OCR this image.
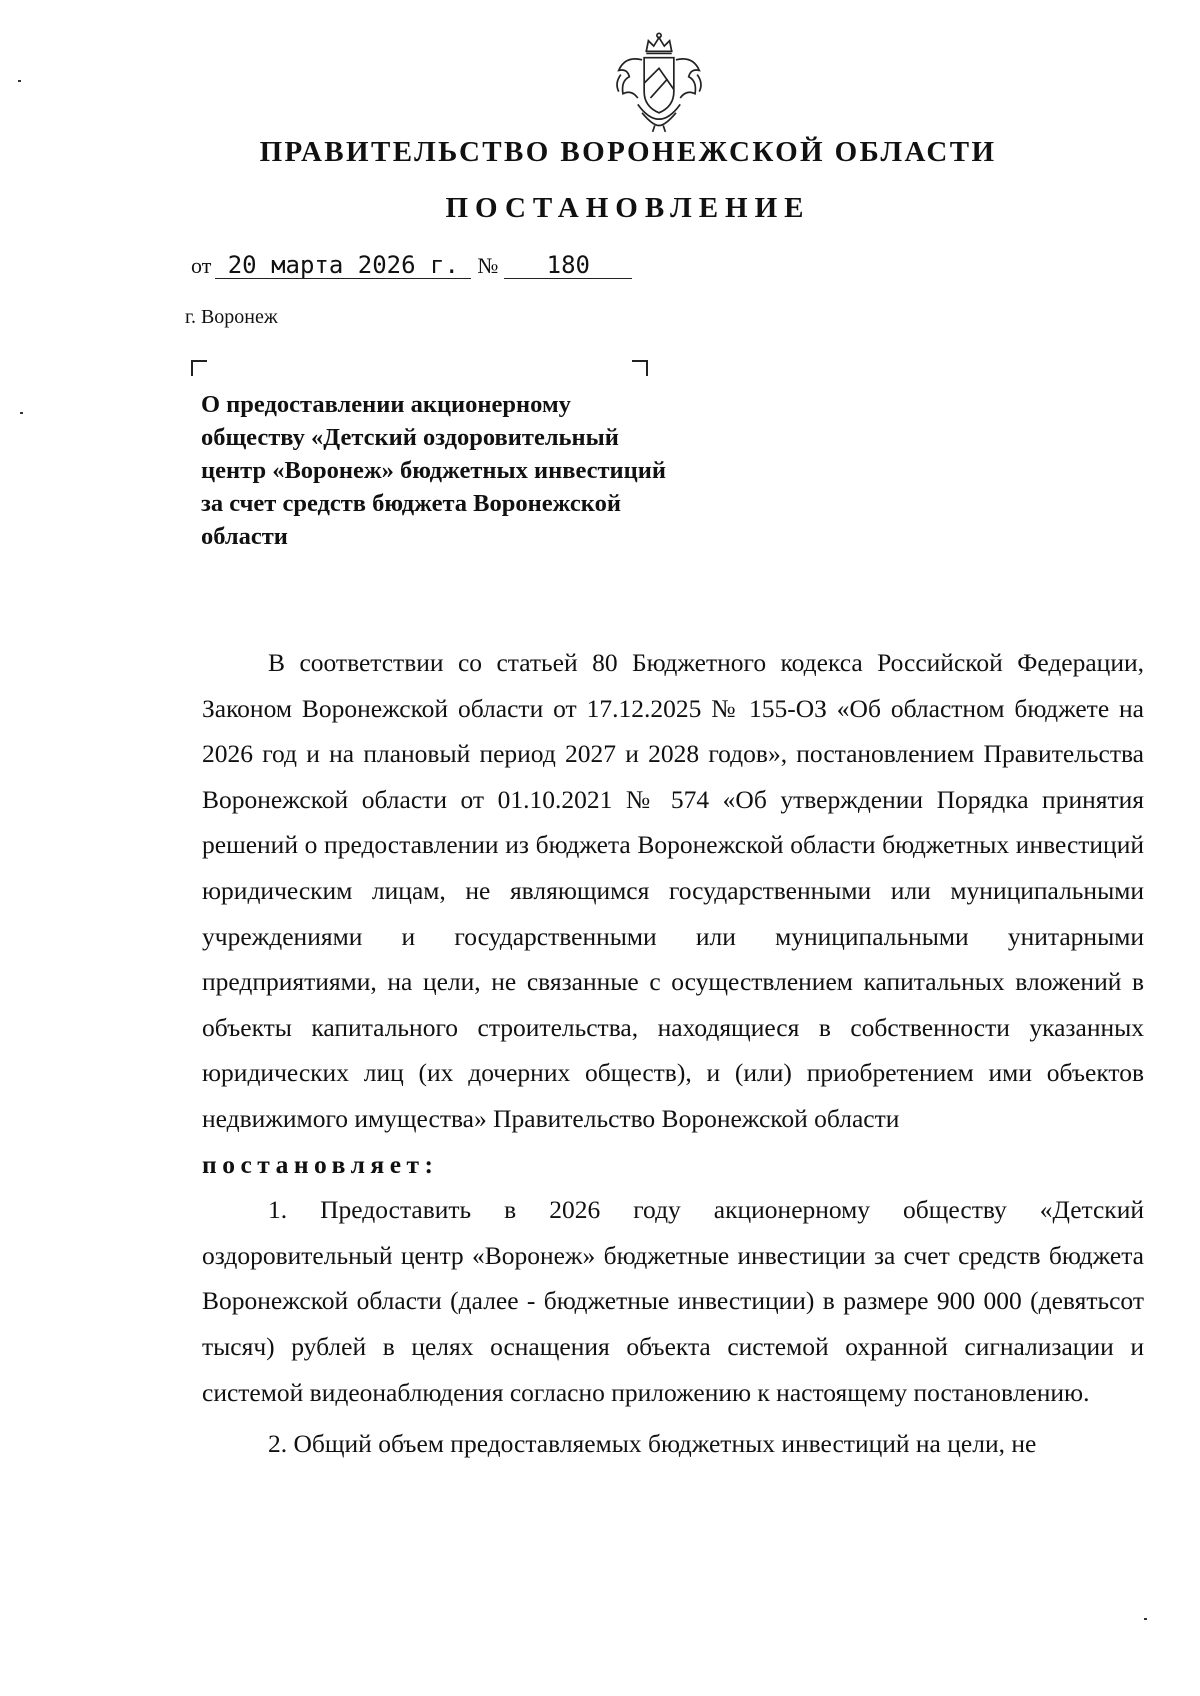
ПРАВИТЕЛЬСТВО ВОРОНЕЖСКОЙ ОБЛАСТИ
ПОСТАНОВЛЕНИЕ
от 20 марта 2026 г. № 180
г. Воронеж
О предоставлении акционерному
обществу «Детский оздоровительный
центр «Воронеж» бюджетных инвестиций
за счет средств бюджета Воронежской
области

В соответствии со статьей 80 Бюджетного кодекса Российской Федерации, Законом Воронежской области от 17.12.2025 № 155-ОЗ «Об областном бюджете на 2026 год и на плановый период 2027 и 2028 годов», постановлением Правительства Воронежской области от 01.10.2021 № 574 «Об утверждении Порядка принятия решений о предоставлении из бюджета Воронежской области бюджетных инвестиций юридическим лицам, не являющимся государственными или муниципальными учреждениями и государственными или муниципальными унитарными предприятиями, на цели, не связанные с осуществлением капитальных вложений в объекты капитального строительства, находящиеся в собственности указанных юридических лиц (их дочерних обществ), и (или) приобретением ими объектов недвижимого имущества» Правительство Воронежской области

постановляет:

1. Предоставить в 2026 году акционерному обществу «Детский оздоровительный центр «Воронеж» бюджетные инвестиции за счет средств бюджета Воронежской области (далее - бюджетные инвестиции) в размере 900 000 (девятьсот тысяч) рублей в целях оснащения объекта системой охранной сигнализации и системой видеонаблюдения согласно приложению к настоящему постановлению.

2. Общий объем предоставляемых бюджетных инвестиций на цели, не
